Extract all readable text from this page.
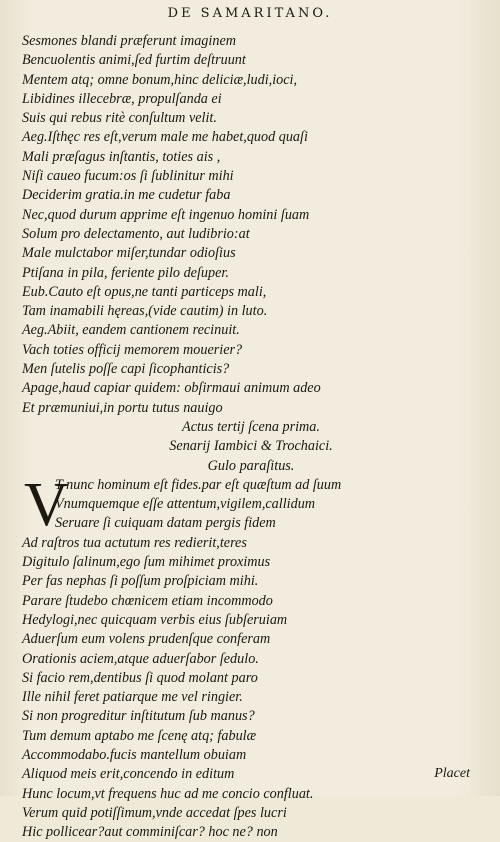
DE SAMARITANO.
Sesmones blandi præferunt imaginem
Bencuolentis animi,ſed furtim deſtruunt
Mentem atq; omne bonum,hinc deliciæ,ludi,ioci,
Libidines illecebræ, propulſanda ei
Suis qui rebus ritè conſultum velit.
Aeg.Iſthęc res eſt,verum male me habet,quod quaſi
Mali præſagus inſtantis, toties ais ,
Niſi caueo fucum:os ſi ſublinitur mihi
Deciderim gratia.in me cudetur faba
Nec,quod durum apprime eſt ingenuo homini ſuam
Solum pro delectamento, aut ludibrio:at
Male mulctabor miſer,tundar odioſius
Ptiſana in pila, feriente pilo deſuper.
Eub.Cauto eſt opus,ne tanti particeps mali,
Tam inamabili hęreas,(vide cautim) in luto.
Aeg.Abiit, eandem cantionem recinuit.
Vach toties officij memorem mouerier?
Men ſutelis poſſe capi ſicophanticis?
Apage,haud capiar quidem: obſirmaui animum adeo
Et præmuniui,in portu tutus nauigo
Actus tertij ſcena prima.
Senarij Iambici & Trochaici.
Gulo paraſitus.
V
T nunc hominum eſt fides.par eſt quæſtum ad ſuum
Vnumquemque eſſe attentum,vigilem,callidum
Seruare ſi cuiquam datam pergis fidem
Ad raſtros tua actutum res redierit,teres
Digitulo ſalinum,ego ſum mihimet proximus
Per fas nephas ſi poſſum proſpiciam mihi.
Parare ſtudebo chœnicem etiam incommodo
Hedylogi,nec quicquam verbis eius ſubſeruiam
Aduerſum eum volens prudenſque conferam
Orationis aciem,atque aduerſabor ſedulo.
Si facio rem,dentibus ſi quod molant paro
Ille nihil feret patiarque me vel ringier.
Si non progreditur inſtitutum ſub manus?
Tum demum aptabo me ſcenę atq; fabulæ
Accommodabo.fucis mantellum obuiam
Aliquod meis erit,concendo in editum
Hunc locum,vt frequens huc ad me concio confluat.
Verum quid potiſſimum,vnde accedat ſpes lucri
Hic pollicear?aut comminiſcar? hoc ne? non
Placet
